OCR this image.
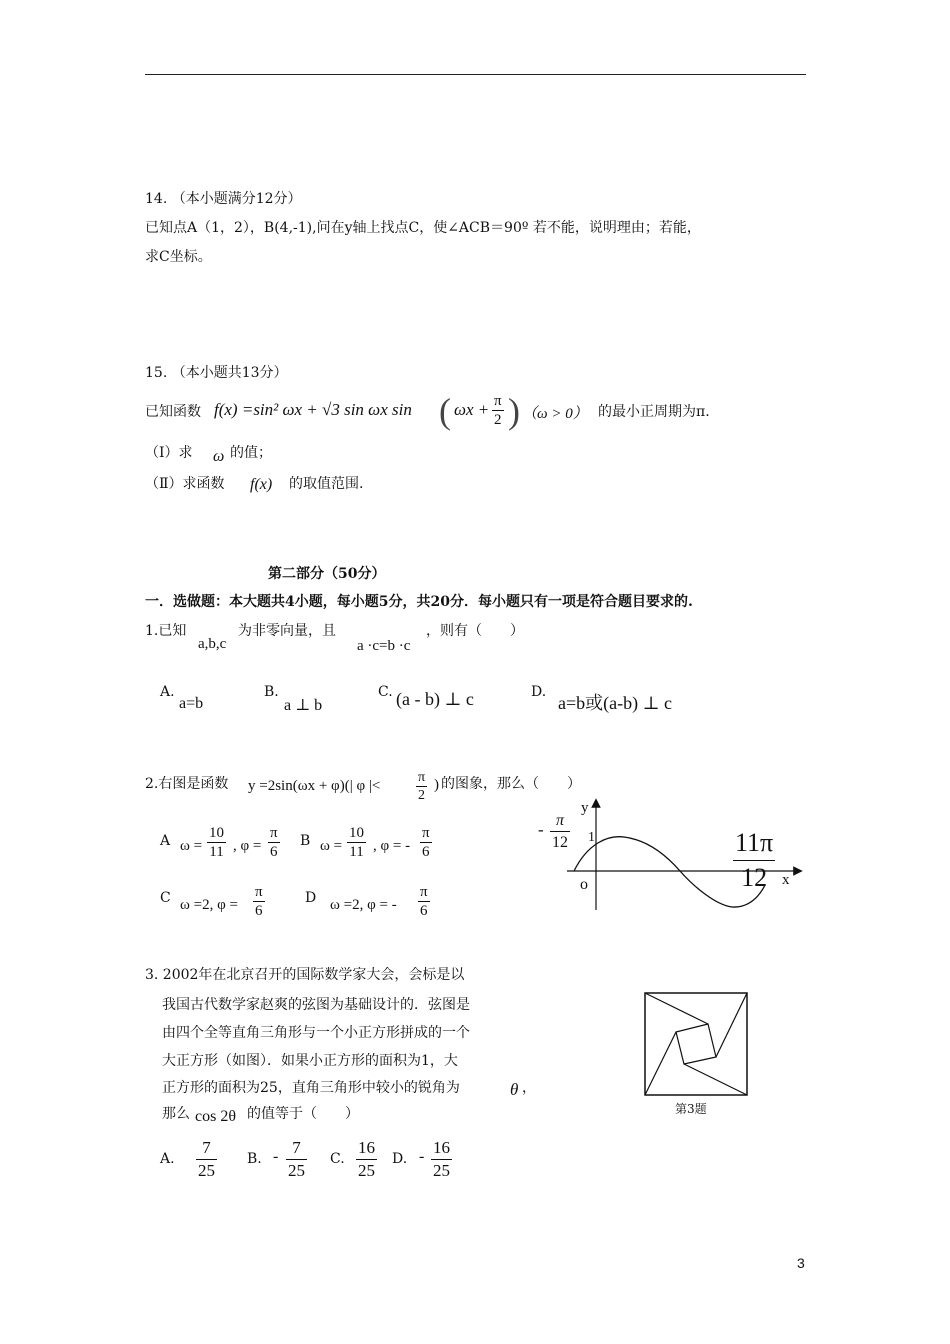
14. （本小题满分12分）
已知点A（1，2），B(4,-1),问在y轴上找点C，使∠ACB＝90º 若不能，说明理由；若能，
求C坐标。
15. （本小题共13分）
已知函数 f(x) =sin² ωx + √3 sin ωx sin ( $\omega x + \frac{\pi}{2}$ ) （ω > 0） 的最小正周期为π.
（Ⅰ）求 ω 的值；
（Ⅱ）求函数 f(x) 的取值范围.
第二部分（50分）
一．选做题：本大题共4小题，每小题5分，共20分．每小题只有一项是符合题目要求的.
1.已知
a,b,c
为非零向量，且
a ·c=b ·c
，则有（　　）
A.
a=b
B.
a ⊥ b
C. (a - b) ⊥ c	D.
a=b或(a-b) ⊥ c
2.右图是函数 y =2sin(ωx + φ)(| φ |<	$\frac{\pi}{2}$ ) 的图象，那么（　　）
A $\omega = \frac{10}{11}$ , $\varphi = \frac{\pi}{6}$ B $\omega = \frac{10}{11}$ , φ = - $\frac{\pi}{6}$
C ω =2, $\varphi = \frac{\pi}{6}$	D ω =2, φ = - $\frac{\pi}{6}$
y
x
o
1
- $\frac{\pi}{12}$	$\frac{11\pi}{12}$
3. 2002年在北京召开的国际数学家大会，会标是以
我国古代数学家赵爽的弦图为基础设计的．弦图是
由四个全等直角三角形与一个小正方形拼成的一个
大正方形（如图）．如果小正方形的面积为1，大
正方形的面积为25，直角三角形中较小的锐角为	θ ，
那么 cos 2θ 的值等于（　　）	第3题
A. $\frac{7}{25} B$. - $\frac{7}{25} C$. $\frac{16}{25} D$. - $\frac{16}{25}$
3
